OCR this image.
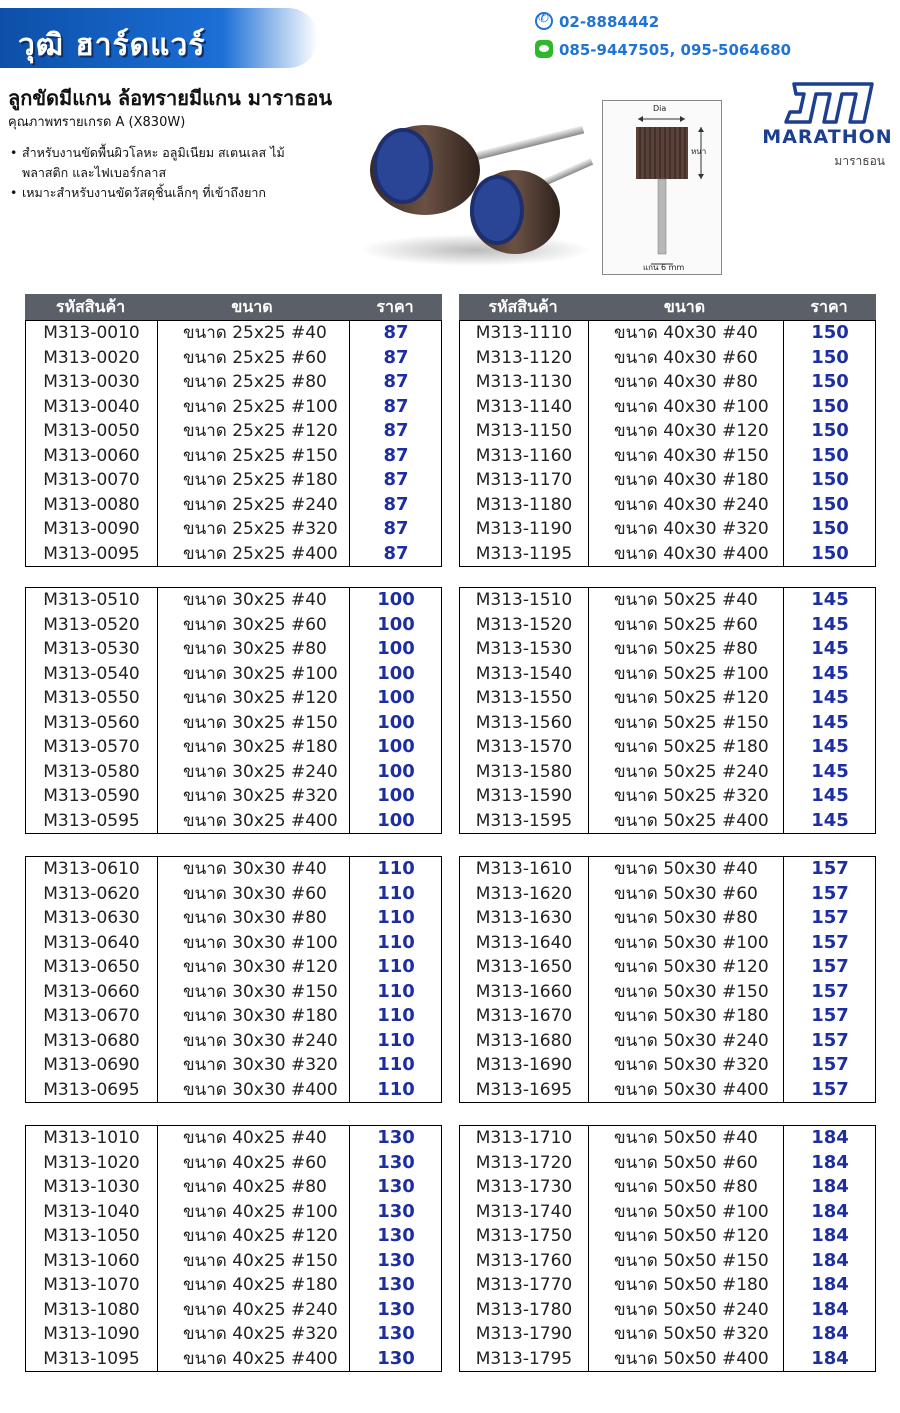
วุฒิ ฮาร์ดแวร์
✆02-8884442
085-9447505, 095-5064680
ลูกขัดมีแกน ล้อทรายมีแกน มาราธอน
คุณภาพทรายเกรด A (X830W)
• สำหรับงานขัดพื้นผิวโลหะ อลูมิเนียม สเตนเลส ไม้
พลาสติก และไฟเบอร์กลาส
• เหมาะสำหรับงานขัดวัสดุชิ้นเล็กๆ ที่เข้าถึงยาก
Dia
หนา
แกน 6 mm
MARATHON
มาราธอน
รหัสสินค้า	ขนาด	ราคา	รหัสสินค้า	ขนาด	ราคา
M313-0010	ขนาด 25x25 #40	87
M313-0020	ขนาด 25x25 #60	87
M313-0030	ขนาด 25x25 #80	87
M313-0040	ขนาด 25x25 #100	87
M313-0050	ขนาด 25x25 #120	87
M313-0060	ขนาด 25x25 #150	87
M313-0070	ขนาด 25x25 #180	87
M313-0080	ขนาด 25x25 #240	87
M313-0090	ขนาด 25x25 #320	87
M313-0095	ขนาด 25x25 #400	87
M313-0510	ขนาด 30x25 #40	100
M313-0520	ขนาด 30x25 #60	100
M313-0530	ขนาด 30x25 #80	100
M313-0540	ขนาด 30x25 #100	100
M313-0550	ขนาด 30x25 #120	100
M313-0560	ขนาด 30x25 #150	100
M313-0570	ขนาด 30x25 #180	100
M313-0580	ขนาด 30x25 #240	100
M313-0590	ขนาด 30x25 #320	100
M313-0595	ขนาด 30x25 #400	100
M313-0610	ขนาด 30x30 #40	110
M313-0620	ขนาด 30x30 #60	110
M313-0630	ขนาด 30x30 #80	110
M313-0640	ขนาด 30x30 #100	110
M313-0650	ขนาด 30x30 #120	110
M313-0660	ขนาด 30x30 #150	110
M313-0670	ขนาด 30x30 #180	110
M313-0680	ขนาด 30x30 #240	110
M313-0690	ขนาด 30x30 #320	110
M313-0695	ขนาด 30x30 #400	110
M313-1010	ขนาด 40x25 #40	130
M313-1020	ขนาด 40x25 #60	130
M313-1030	ขนาด 40x25 #80	130
M313-1040	ขนาด 40x25 #100	130
M313-1050	ขนาด 40x25 #120	130
M313-1060	ขนาด 40x25 #150	130
M313-1070	ขนาด 40x25 #180	130
M313-1080	ขนาด 40x25 #240	130
M313-1090	ขนาด 40x25 #320	130
M313-1095	ขนาด 40x25 #400	130
M313-1110	ขนาด 40x30 #40	150
M313-1120	ขนาด 40x30 #60	150
M313-1130	ขนาด 40x30 #80	150
M313-1140	ขนาด 40x30 #100	150
M313-1150	ขนาด 40x30 #120	150
M313-1160	ขนาด 40x30 #150	150
M313-1170	ขนาด 40x30 #180	150
M313-1180	ขนาด 40x30 #240	150
M313-1190	ขนาด 40x30 #320	150
M313-1195	ขนาด 40x30 #400	150
M313-1510	ขนาด 50x25 #40	145
M313-1520	ขนาด 50x25 #60	145
M313-1530	ขนาด 50x25 #80	145
M313-1540	ขนาด 50x25 #100	145
M313-1550	ขนาด 50x25 #120	145
M313-1560	ขนาด 50x25 #150	145
M313-1570	ขนาด 50x25 #180	145
M313-1580	ขนาด 50x25 #240	145
M313-1590	ขนาด 50x25 #320	145
M313-1595	ขนาด 50x25 #400	145
M313-1610	ขนาด 50x30 #40	157
M313-1620	ขนาด 50x30 #60	157
M313-1630	ขนาด 50x30 #80	157
M313-1640	ขนาด 50x30 #100	157
M313-1650	ขนาด 50x30 #120	157
M313-1660	ขนาด 50x30 #150	157
M313-1670	ขนาด 50x30 #180	157
M313-1680	ขนาด 50x30 #240	157
M313-1690	ขนาด 50x30 #320	157
M313-1695	ขนาด 50x30 #400	157
M313-1710	ขนาด 50x50 #40	184
M313-1720	ขนาด 50x50 #60	184
M313-1730	ขนาด 50x50 #80	184
M313-1740	ขนาด 50x50 #100	184
M313-1750	ขนาด 50x50 #120	184
M313-1760	ขนาด 50x50 #150	184
M313-1770	ขนาด 50x50 #180	184
M313-1780	ขนาด 50x50 #240	184
M313-1790	ขนาด 50x50 #320	184
M313-1795	ขนาด 50x50 #400	184
